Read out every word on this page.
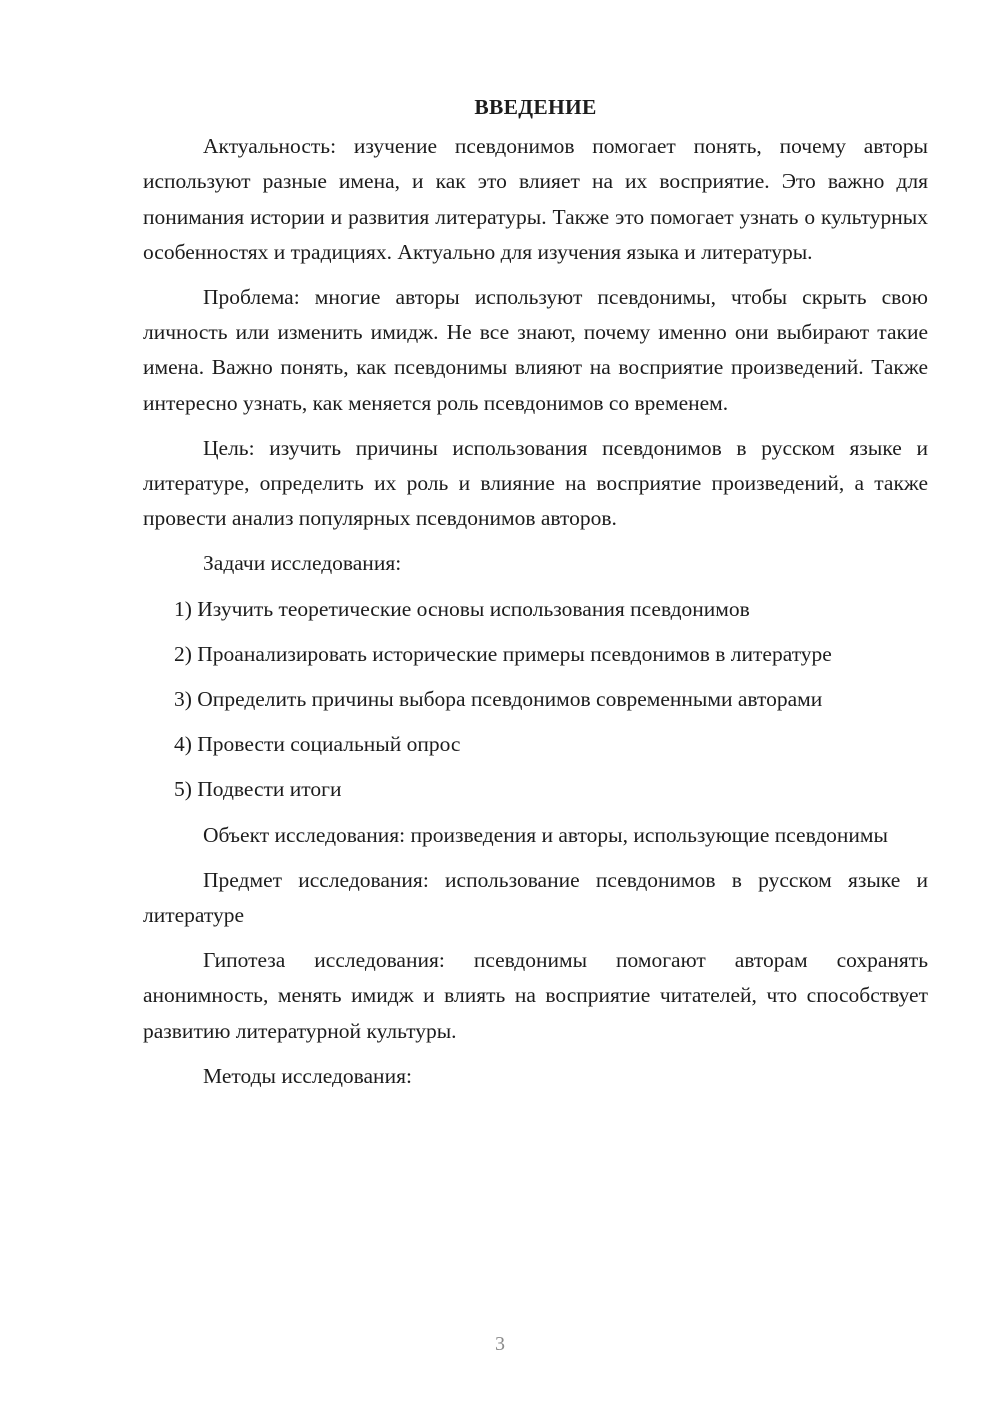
ВВЕДЕНИЕ

Актуальность: изучение псевдонимов помогает понять, почему авторы используют разные имена, и как это влияет на их восприятие. Это важно для понимания истории и развития литературы. Также это помогает узнать о культурных особенностях и традициях. Актуально для изучения языка и литературы.

Проблема: многие авторы используют псевдонимы, чтобы скрыть свою личность или изменить имидж. Не все знают, почему именно они выбирают такие имена. Важно понять, как псевдонимы влияют на восприятие произведений. Также интересно узнать, как меняется роль псевдонимов со временем.

Цель: изучить причины использования псевдонимов в русском языке и литературе, определить их роль и влияние на восприятие произведений, а также провести анализ популярных псевдонимов авторов.

Задачи исследования:

1) Изучить теоретические основы использования псевдонимов

2) Проанализировать исторические примеры псевдонимов в литературе

3) Определить причины выбора псевдонимов современными авторами

4) Провести социальный опрос

5) Подвести итоги

Объект исследования: произведения и авторы, использующие псевдонимы

Предмет исследования: использование псевдонимов в русском языке и литературе

Гипотеза исследования: псевдонимы помогают авторам сохранять анонимность, менять имидж и влиять на восприятие читателей, что способствует развитию литературной культуры.

Методы исследования:

3
